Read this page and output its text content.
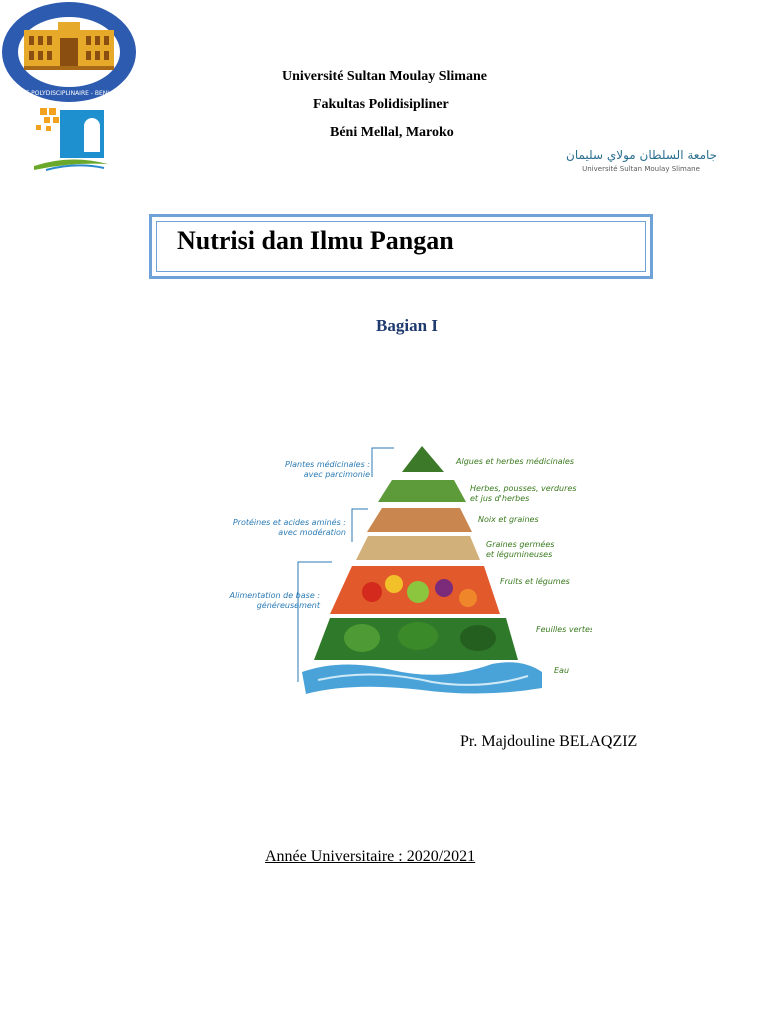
FACULTE POLYDISCIPLINAIRE - BENI MELLAL
Université Sultan Moulay Slimane
Fakultas Polidisipliner
Béni Mellal, Maroko
جامعة السلطان مولاي سليمان
Université Sultan Moulay Slimane
Nutrisi dan Ilmu Pangan
Bagian I
Plantes médicinales : avec parcimonie
Protéines et acides aminés : avec modération
Alimentation de base : généreusement
Algues et herbes médicinales
Herbes, pousses, verdures et jus d'herbes
Noix et graines
Graines germées et légumineuses
Fruits et légumes
Feuilles vertes
Eau
Pr. Majdouline BELAQZIZ
Année Universitaire : 2020/2021
